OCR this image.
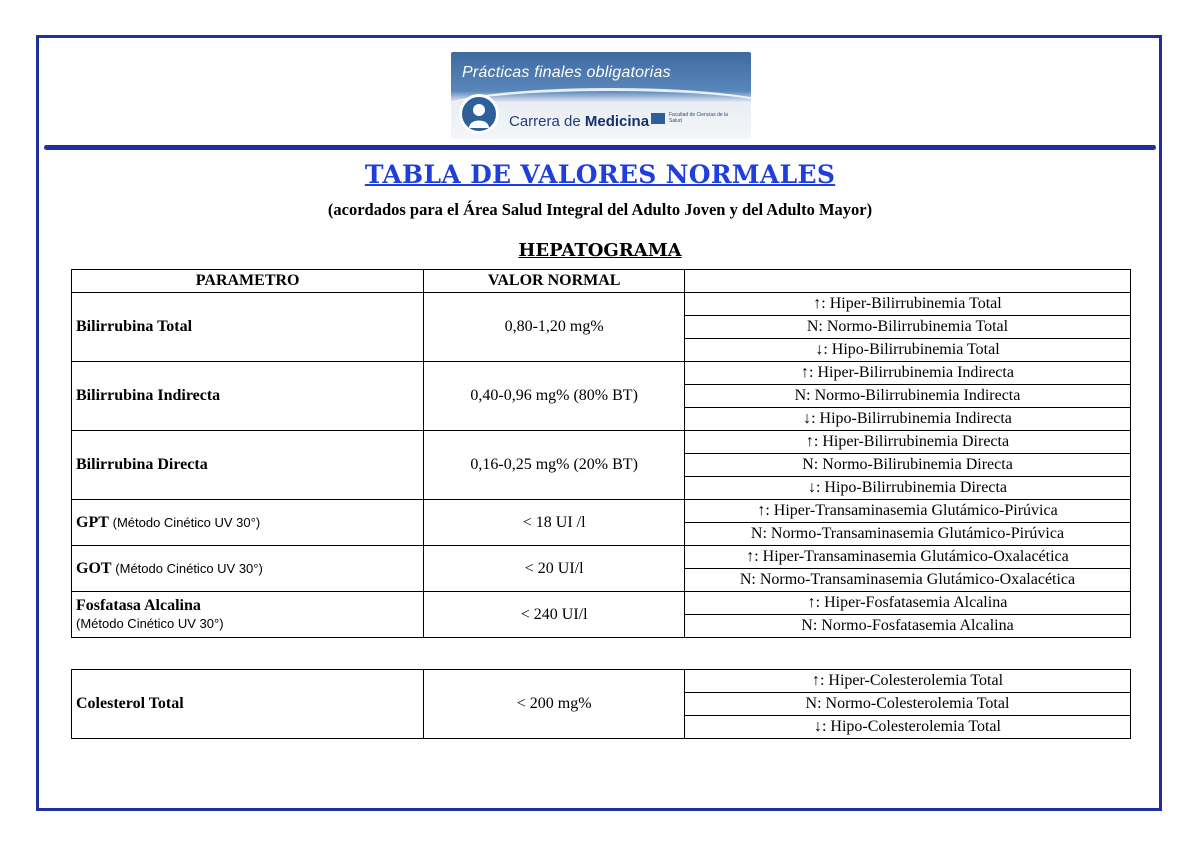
Prácticas finales obligatorias
Carrera de Medicina	Facultad de Ciencias de la Salud
TABLA DE VALORES NORMALES
(acordados para el Área Salud Integral del Adulto Joven y del Adulto Mayor)
HEPATOGRAMA
PARAMETRO	VALOR NORMAL	
Bilirrubina Total	0,80-1,20 mg%	↑: Hiper-Bilirrubinemia Total
		N: Normo-Bilirrubinemia Total
		↓: Hipo-Bilirrubinemia Total
Bilirrubina Indirecta	0,40-0,96 mg% (80% BT)	↑: Hiper-Bilirrubinemia Indirecta
		N: Normo-Bilirrubinemia Indirecta
		↓: Hipo-Bilirrubinemia Indirecta
Bilirrubina Directa	0,16-0,25 mg% (20% BT)	↑: Hiper-Bilirrubinemia Directa
		N: Normo-Bilirubinemia Directa
		↓: Hipo-Bilirrubinemia Directa
GPT (Método Cinético UV 30°)	< 18 UI /l	↑: Hiper-Transaminasemia Glutámico-Pirúvica
		N: Normo-Transaminasemia Glutámico-Pirúvica
GOT (Método Cinético UV 30°)	< 20 UI/l	↑: Hiper-Transaminasemia Glutámico-Oxalacética
		N: Normo-Transaminasemia Glutámico-Oxalacética
Fosfatasa Alcalina
(Método Cinético UV 30°)	< 240 UI/l	↑: Hiper-Fosfatasemia Alcalina
		N: Normo-Fosfatasemia Alcalina
Colesterol Total	< 200 mg%	↑: Hiper-Colesterolemia Total
N: Normo-Colesterolemia Total
↓: Hipo-Colesterolemia Total
